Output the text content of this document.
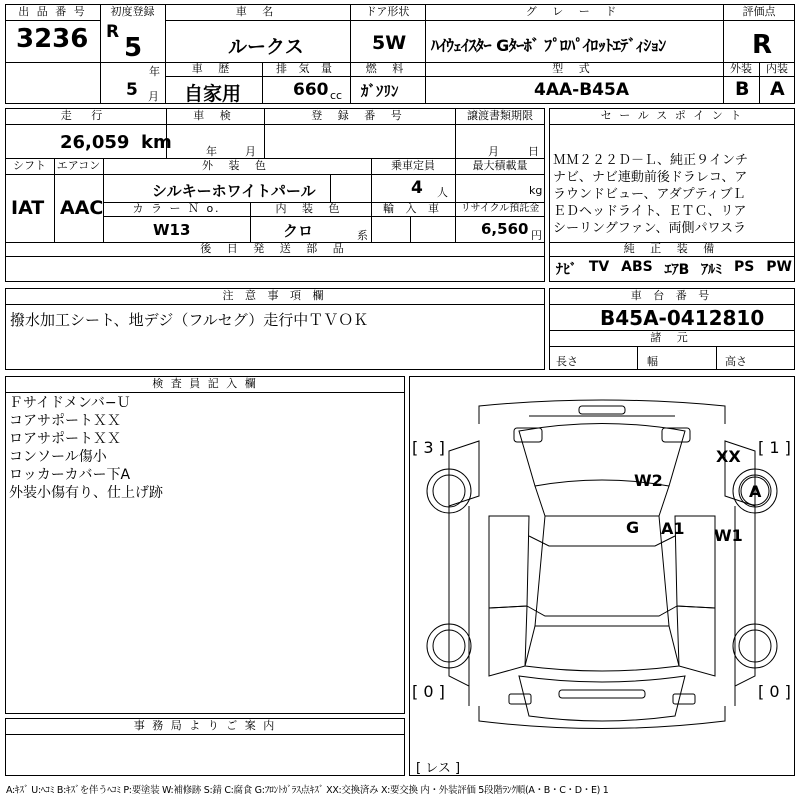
出 品 番 号
3236
初度登録
R
5
年
車 名
ルークス
ドア形状
5W
グ レ ー ド
ﾊｲｳｪｲｽﾀｰ Gﾀｰﾎﾞ ﾌﾟﾛﾊﾟｲﾛｯﾄｴﾃﾞｨｼｮﾝ
評価点
R
5 月
車 歴
自家用
排 気 量
660 cc
燃 料
ｶﾞｿﾘﾝ
型 式
4AA-B45A
外装
B
内装
A
走 行
26,059 km
車 検
年	月
登 録 番 号	譲渡書類期限
月	日
シフト
IAT
エアコン
AAC
外 装 色
シルキーホワイトパール
乗車定員
4 人
最大積載量
kg
カ ラ ー Ｎ o.
W13
内 装 色
クロ	系
輸 入 車	リサイクル預託金
6,560 円
後 日 発 送 部 品
セ ー ル ス ポ イ ン ト
ＭＭ２２２Ｄ－Ｌ、純正９インチ
ナビ、ナビ連動前後ドラレコ、ア
ラウンドビュー、アダプティブＬ
ＥＤヘッドライト、ＥＴＣ、リア
シーリングファン、両側パワスラ
純 正 装 備
ﾅﾋﾞ TV ABS ｴｱB ｱﾙﾐ PS PW
注 意 事 項 欄
撥水加工シート、地デジ（フルセグ）走行中ＴＶＯＫ
車 台 番 号
B45A-0412810
諸 元
長さ	幅	高さ
検 査 員 記 入 欄
Ｆサイドメンバ−Ｕ
コアサポートＸＸ
ロアサポートＸＸ
コンソール傷小
ロッカーカバー下A
外装小傷有り、仕上げ跡
事 務 局 よ り ご 案 内
[ 3 ]	[ 1 ]
[ 0 ]	[ 0 ]
[ レス ]
XX
W2
A
G A1 W1
A:ｷｽﾞ U:ﾍｺﾐ B:ｷｽﾞを伴うﾍｺﾐ P:要塗装 W:補修跡 S:錆 C:腐食 G:ﾌﾛﾝﾄｶﾞﾗｽ点ｷｽﾞ XX:交換済み X:要交換 内・外装評価 5段階ﾗﾝｸ順(A・B・C・D・E) 1
